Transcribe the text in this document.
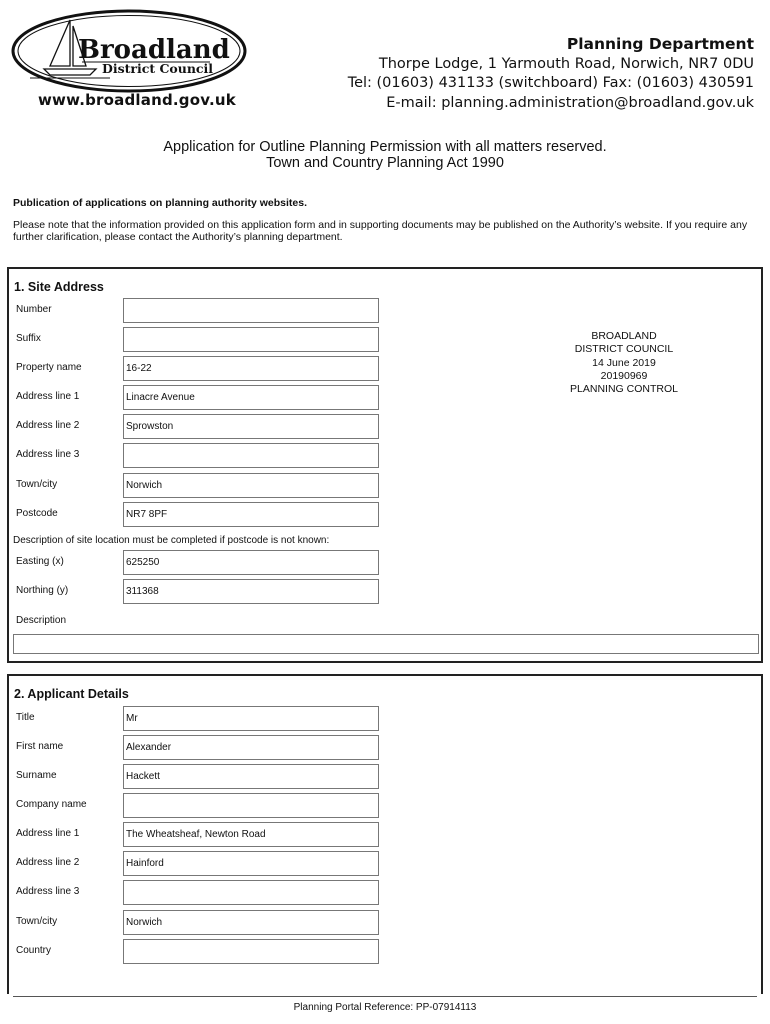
Broadland
District Council
www.broadland.gov.uk
Planning Department
Thorpe Lodge, 1 Yarmouth Road, Norwich, NR7 0DU
Tel: (01603) 431133 (switchboard) Fax: (01603) 430591
E-mail: planning.administration@broadland.gov.uk
Application for Outline Planning Permission with all matters reserved.
Town and Country Planning Act 1990
Publication of applications on planning authority websites.
Please note that the information provided on this application form and in supporting documents may be published on the Authority’s website. If you require any further clarification, please contact the Authority’s planning department.
1. Site Address
Number
Suffix
Property name	16-22
Address line 1	Linacre Avenue
Address line 2	Sprowston
Address line 3
Town/city	Norwich
Postcode	NR7 8PF
Description of site location must be completed if postcode is not known:
Easting (x)	625250
Northing (y)	311368
Description
BROADLAND
DISTRICT COUNCIL
14 June 2019
20190969
PLANNING CONTROL
2. Applicant Details
Title	Mr
First name	Alexander
Surname	Hackett
Company name
Address line 1	The Wheatsheaf, Newton Road
Address line 2	Hainford
Address line 3
Town/city	Norwich
Country
Planning Portal Reference: PP-07914113
